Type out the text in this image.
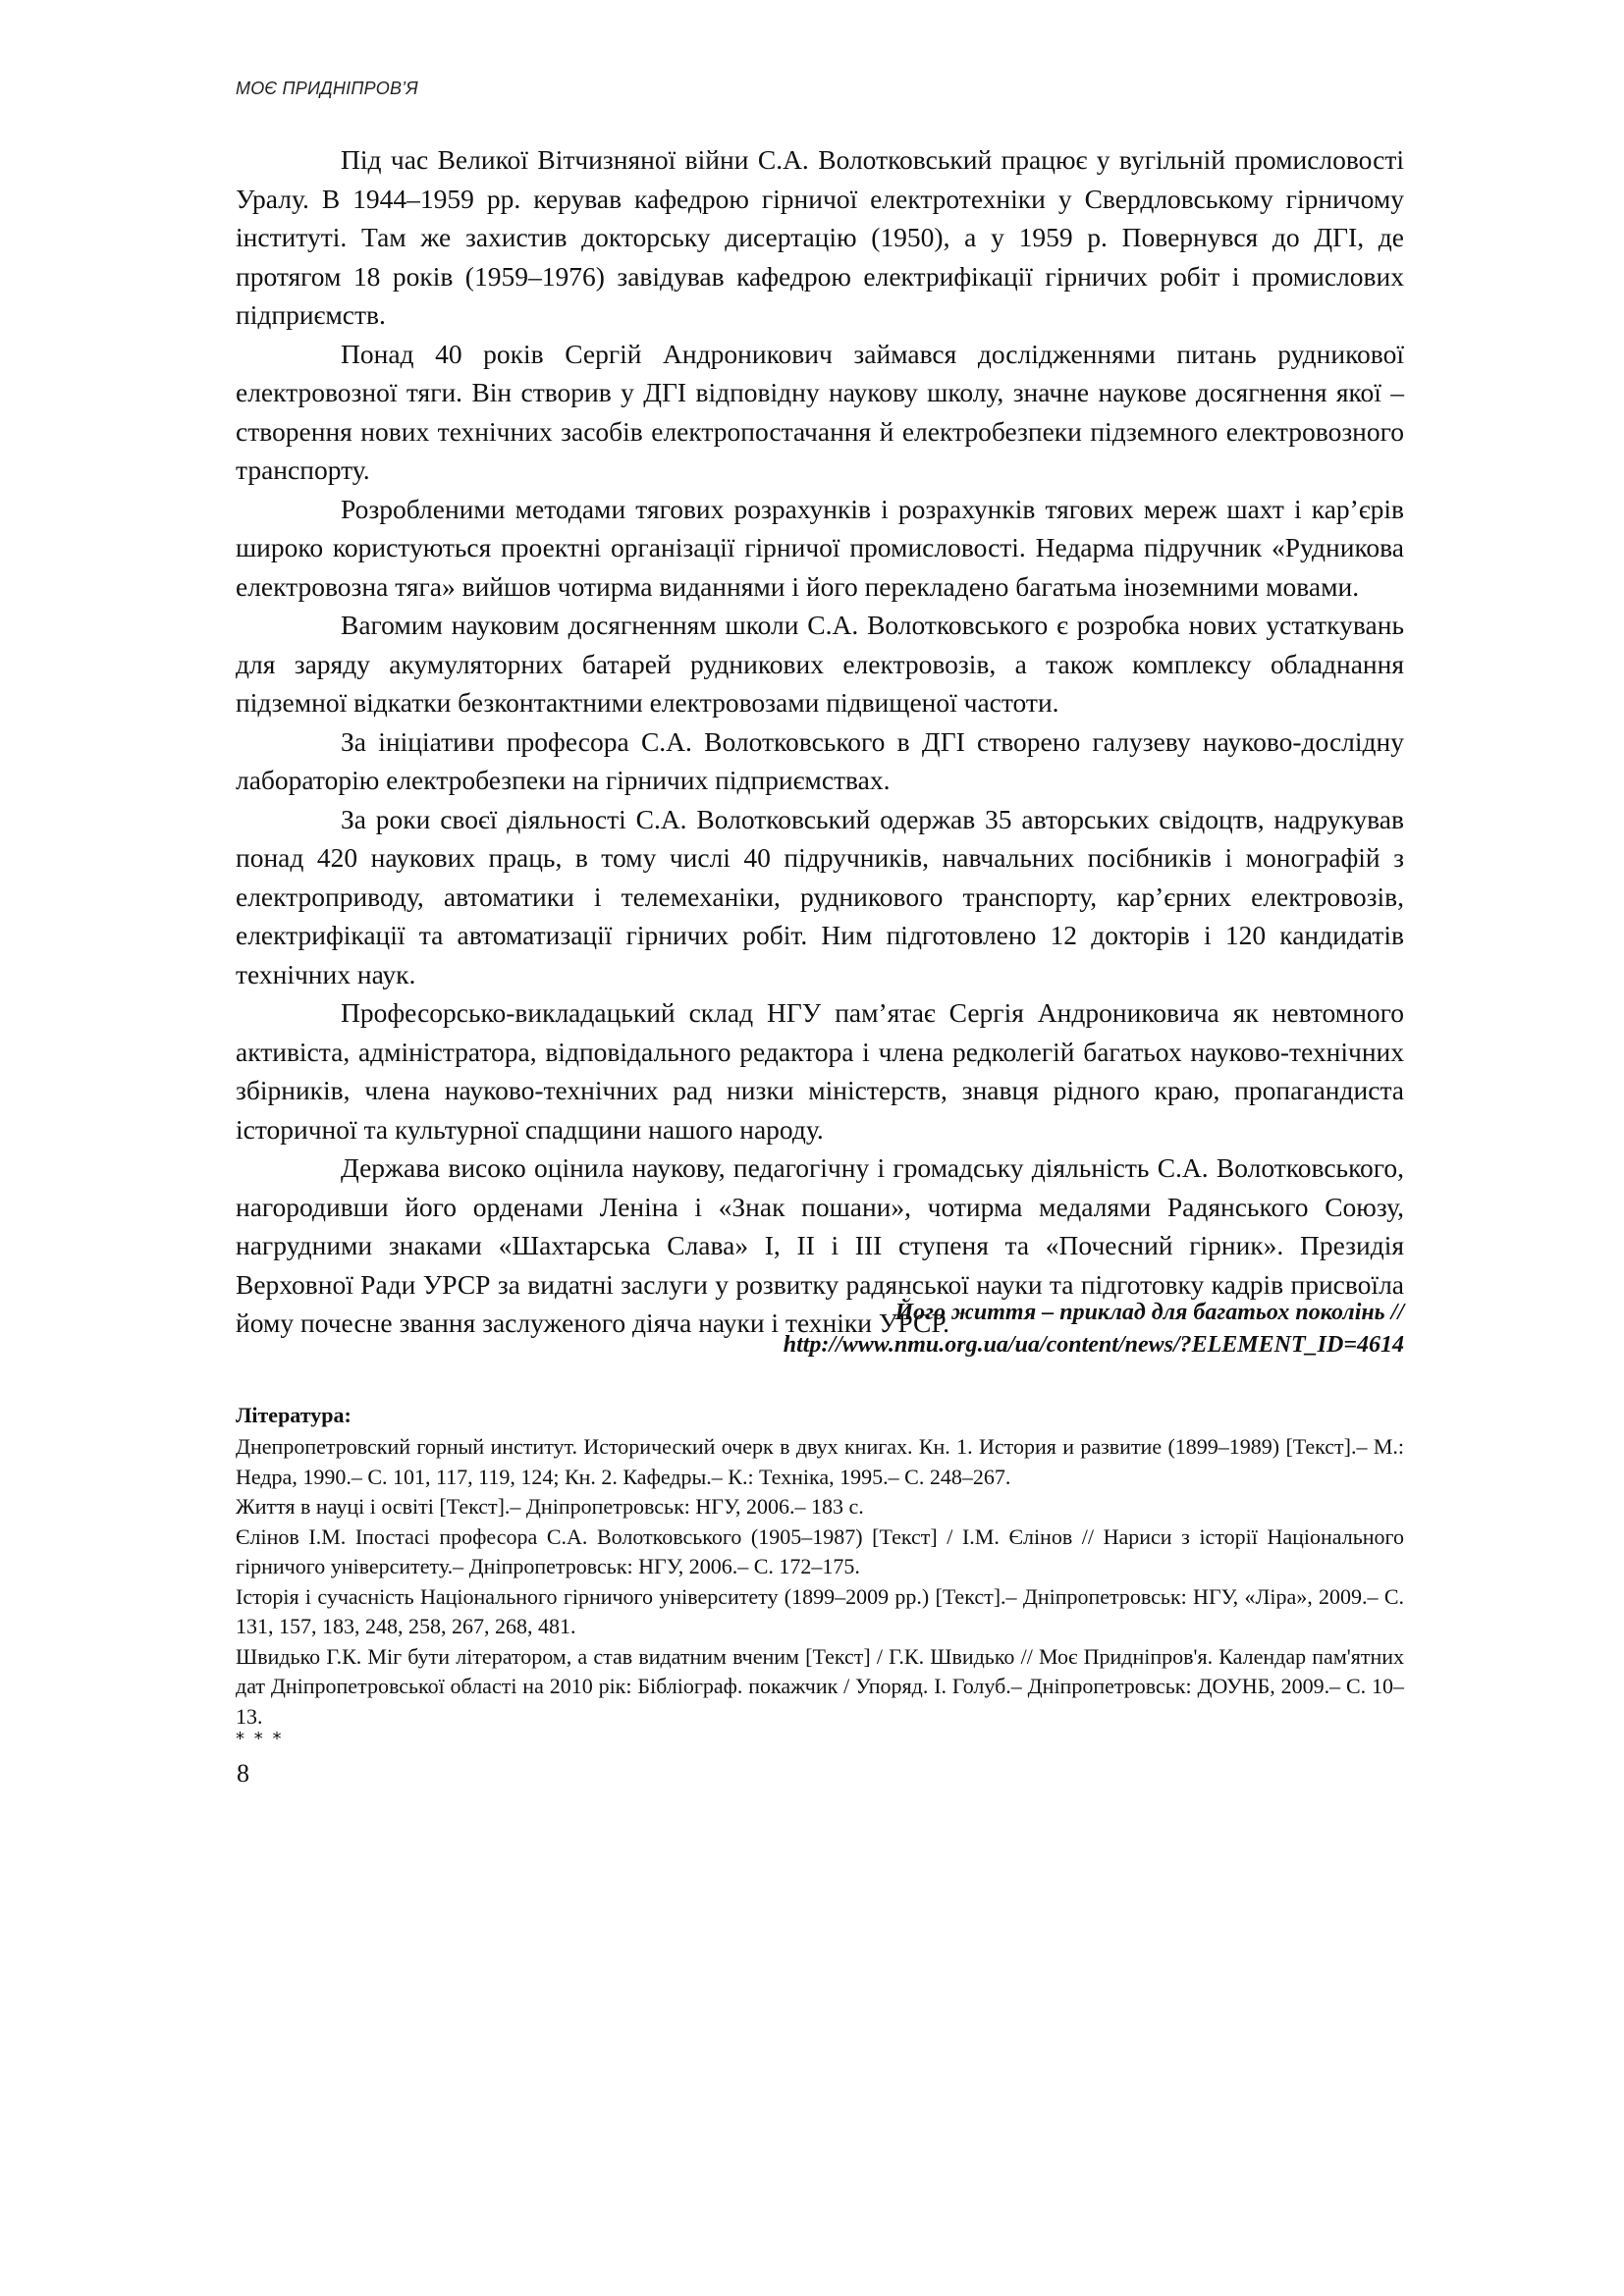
МОЄ ПРИДНІПРОВ’Я

Під час Великої Вітчизняної війни С.А. Волотковський працює у вугільній промисловості Уралу. В 1944–1959 рр. керував кафедрою гірничої електротехніки у Свердловському гірничому інституті. Там же захистив докторську дисертацію (1950), а у 1959 р. Повернувся до ДГІ, де протягом 18 років (1959–1976) завідував кафедрою електрифікації гірничих робіт і промислових підприємств.

Понад 40 років Сергій Андроникович займався дослідженнями питань рудникової електровозної тяги. Він створив у ДГІ відповідну наукову школу, значне наукове досягнення якої – створення нових технічних засобів електропостачання й електробезпеки підземного електровозного транспорту.

Розробленими методами тягових розрахунків і розрахунків тягових мереж шахт і кар’єрів широко користуються проектні організації гірничої промисловості. Недарма підручник «Рудникова електровозна тяга» вийшов чотирма виданнями і його перекладено багатьма іноземними мовами.

Вагомим науковим досягненням школи С.А. Волотковського є розробка нових устаткувань для заряду акумуляторних батарей рудникових електровозів, а також комплексу обладнання підземної відкатки безконтактними електровозами підвищеної частоти.

За ініціативи професора С.А. Волотковського в ДГІ створено галузеву науково-дослідну лабораторію електробезпеки на гірничих підприємствах.

За роки своєї діяльності С.А. Волотковський одержав 35 авторських свідоцтв, надрукував понад 420 наукових праць, в тому числі 40 підручників, навчальних посібників і монографій з електроприводу, автоматики і телемеханіки, рудникового транспорту, кар’єрних електровозів, електрифікації та автоматизації гірничих робіт. Ним підготовлено 12 докторів і 120 кандидатів технічних наук.

Професорсько-викладацький склад НГУ пам’ятає Сергія Андрониковича як невтомного активіста, адміністратора, відповідального редактора і члена редколегій багатьох науково-технічних збірників, члена науково-технічних рад низки міністерств, знавця рідного краю, пропагандиста історичної та культурної спадщини нашого народу.

Держава високо оцінила наукову, педагогічну і громадську діяльність С.А. Волотковського, нагородивши його орденами Леніна і «Знак пошани», чотирма медалями Радянського Союзу, нагрудними знаками «Шахтарська Слава» І, ІІ і ІІІ ступеня та «Почесний гірник». Президія Верховної Ради УРСР за видатні заслуги у розвитку радянської науки та підготовку кадрів присвоїла йому почесне звання заслуженого діяча науки і техніки УРСР.

Його життя – приклад для багатьох поколінь //
http://www.nmu.org.ua/ua/content/news/?ELEMENT_ID=4614
Література:

Днепропетровский горный институт. Исторический очерк в двух книгах. Кн. 1. История и развитие (1899–1989) [Текст].– М.: Недра, 1990.– С. 101, 117, 119, 124; Кн. 2. Кафедры.– К.: Техніка, 1995.– С. 248–267.

Життя в науці і освіті [Текст].– Дніпропетровськ: НГУ, 2006.– 183 с.

Єлінов І.М. Іпостасі професора С.А. Волотковського (1905–1987) [Текст] / І.М. Єлінов // Нариси з історії Національного гірничого університету.– Дніпропетровськ: НГУ, 2006.– С. 172–175.

Історія і сучасність Національного гірничого університету (1899–2009 рр.) [Текст].– Дніпропетровськ: НГУ, «Ліра», 2009.– С. 131, 157, 183, 248, 258, 267, 268, 481.

Швидько Г.К. Міг бути літератором, а став видатним вченим [Текст] / Г.К. Швидько // Моє Придніпров'я. Календар пам'ятних дат Дніпропетровської області на 2010 рік: Бібліограф. покажчик / Упоряд. І. Голуб.– Дніпропетровськ: ДОУНБ, 2009.– С. 10–13.

* * *
8
